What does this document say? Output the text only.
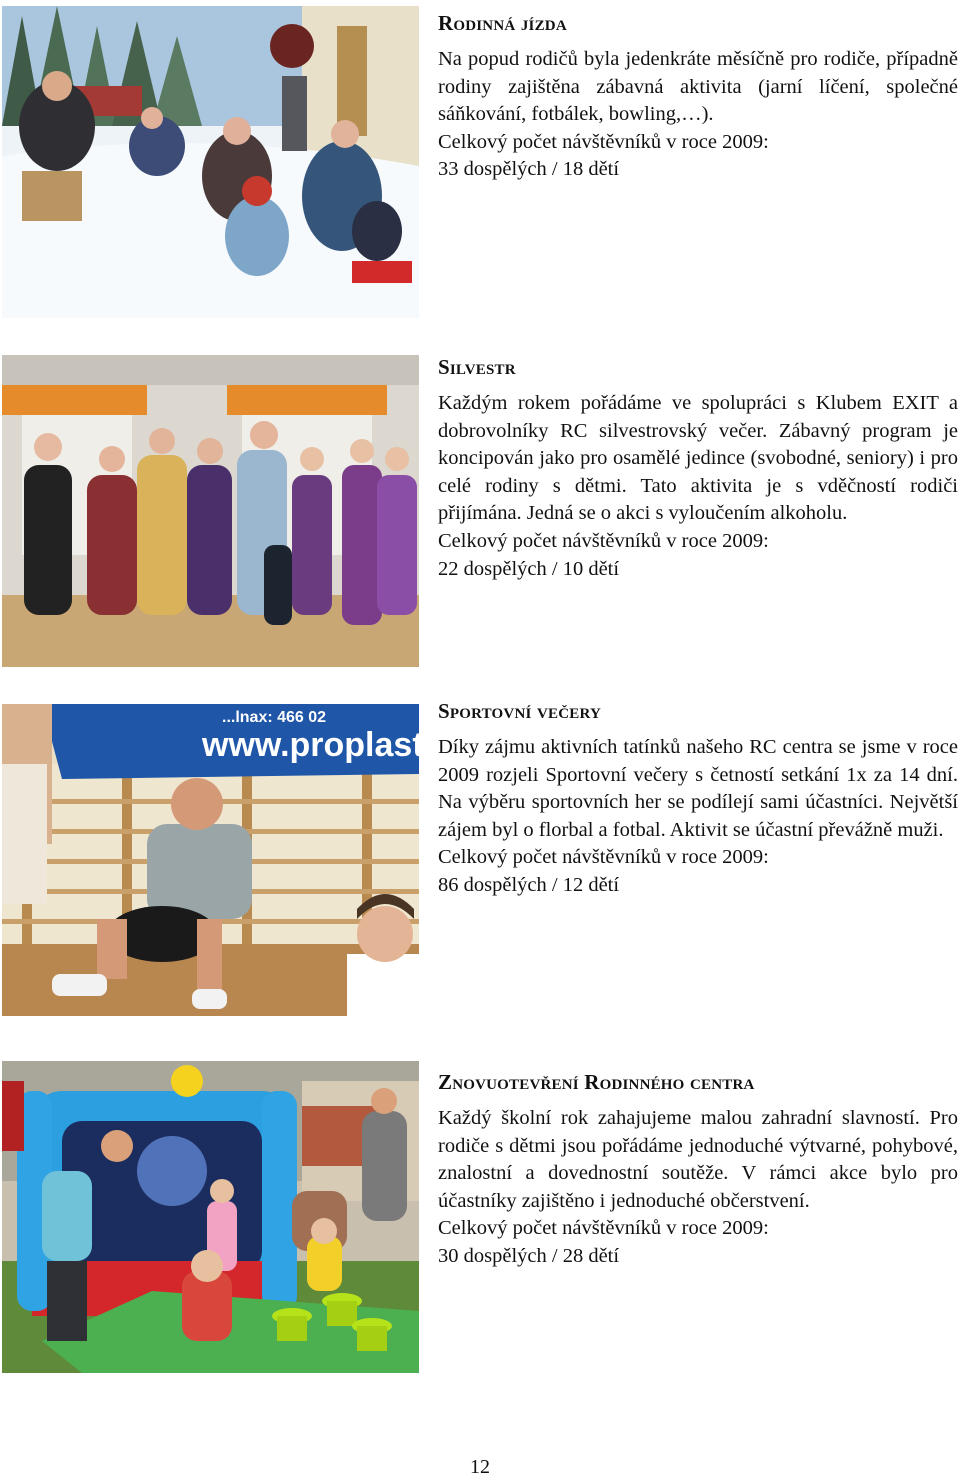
Rodinná jízda

Na popud rodičů byla jedenkráte měsíčně pro rodiče, případně rodiny zajištěna zábavná aktivita (jarní líčení, společné sáňkování, fotbálek, bowling,…).

Celkový počet návštěvníků v roce 2009:

33 dospělých / 18 dětí

Silvestr

Každým rokem pořádáme ve spolupráci s Klubem EXIT a dobrovolníky RC silvestrovský večer. Zábavný program je koncipován jako pro osamělé jedince (svobodné, seniory) i pro celé rodiny s dětmi. Tato aktivita je s vděčností rodiči přijímána. Jedná se o akci s vyloučením alkoholu.

Celkový počet návštěvníků v roce 2009:

22 dospělých / 10 dětí

www.proplast.c
...lnax: 466 02	Sportovní večery

Díky zájmu aktivních tatínků našeho RC centra se jsme v roce 2009 rozjeli Sportovní večery s četností setkání 1x za 14 dní. Na výběru sportovních her se podílejí sami účastníci. Největší zájem byl o florbal a fotbal. Aktivit se účastní převážně muži.

Celkový počet návštěvníků v roce 2009:

86 dospělých / 12 dětí

Znovuotevření Rodinného centra

Každý školní rok zahajujeme malou zahradní slavností. Pro rodiče s dětmi jsou pořádáme jednoduché výtvarné, pohybové, znalostní a dovednostní soutěže. V rámci akce bylo pro účastníky zajištěno i jednoduché občerstvení.

Celkový počet návštěvníků v roce 2009:

30 dospělých / 28 dětí

12
